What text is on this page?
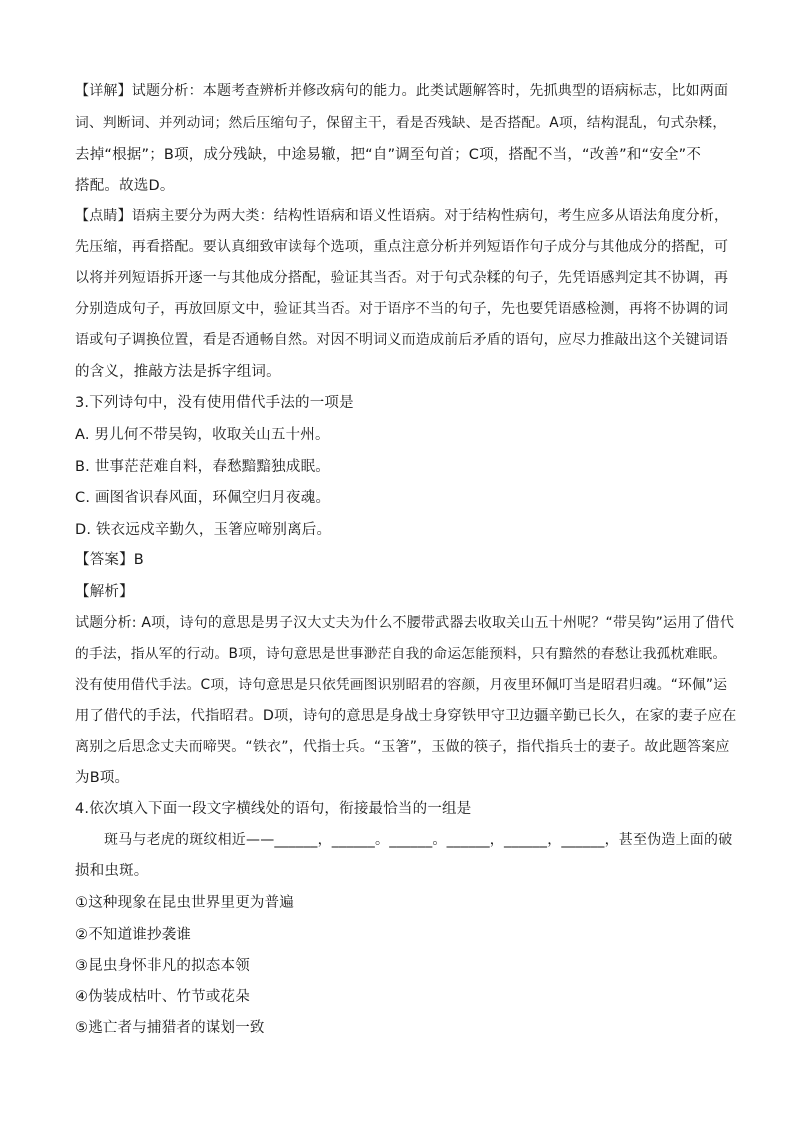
【详解】试题分析：本题考查辨析并修改病句的能力。此类试题解答时，先抓典型的语病标志，比如两面
词、判断词、并列动词；然后压缩句子，保留主干，看是否残缺、是否搭配。A项，结构混乱，句式杂糅，
去掉“根据”；B项，成分残缺，中途易辙，把“自”调至句首；C项，搭配不当，“改善”和“安全”不
搭配。故选D。
【点睛】语病主要分为两大类：结构性语病和语义性语病。对于结构性病句，考生应多从语法角度分析，
先压缩，再看搭配。要认真细致审读每个选项，重点注意分析并列短语作句子成分与其他成分的搭配，可
以将并列短语拆开逐一与其他成分搭配，验证其当否。对于句式杂糅的句子，先凭语感判定其不协调，再
分别造成句子，再放回原文中，验证其当否。对于语序不当的句子，先也要凭语感检测，再将不协调的词
语或句子调换位置，看是否通畅自然。对因不明词义而造成前后矛盾的语句，应尽力推敲出这个关键词语
的含义，推敲方法是拆字组词。
3.下列诗句中，没有使用借代手法的一项是
A. 男儿何不带吴钩，收取关山五十州。
B. 世事茫茫难自料，春愁黯黯独成眠。
C. 画图省识春风面，环佩空归月夜魂。
D. 铁衣远戍辛勤久，玉箸应啼别离后。
【答案】B
【解析】
试题分析: A项，诗句的意思是男子汉大丈夫为什么不腰带武器去收取关山五十州呢？“带吴钩”运用了借代
的手法，指从军的行动。B项，诗句意思是世事渺茫自我的命运怎能预料，只有黯然的春愁让我孤枕难眠。
没有使用借代手法。C项，诗句意思是只依凭画图识别昭君的容颜，月夜里环佩叮当是昭君归魂。“环佩”运
用了借代的手法，代指昭君。D项，诗句的意思是身战士身穿铁甲守卫边疆辛勤已长久，在家的妻子应在
离别之后思念丈夫而啼哭。“铁衣”，代指士兵。“玉箸”，玉做的筷子，指代指兵士的妻子。故此题答案应
为B项。
4.依次填入下面一段文字横线处的语句，衔接最恰当的一组是
斑马与老虎的斑纹相近——______，______。______。______，______，______，甚至伪造上面的破
损和虫斑。
①这种现象在昆虫世界里更为普遍
②不知道谁抄袭谁
③昆虫身怀非凡的拟态本领
④伪装成枯叶、竹节或花朵
⑤逃亡者与捕猎者的谋划一致
